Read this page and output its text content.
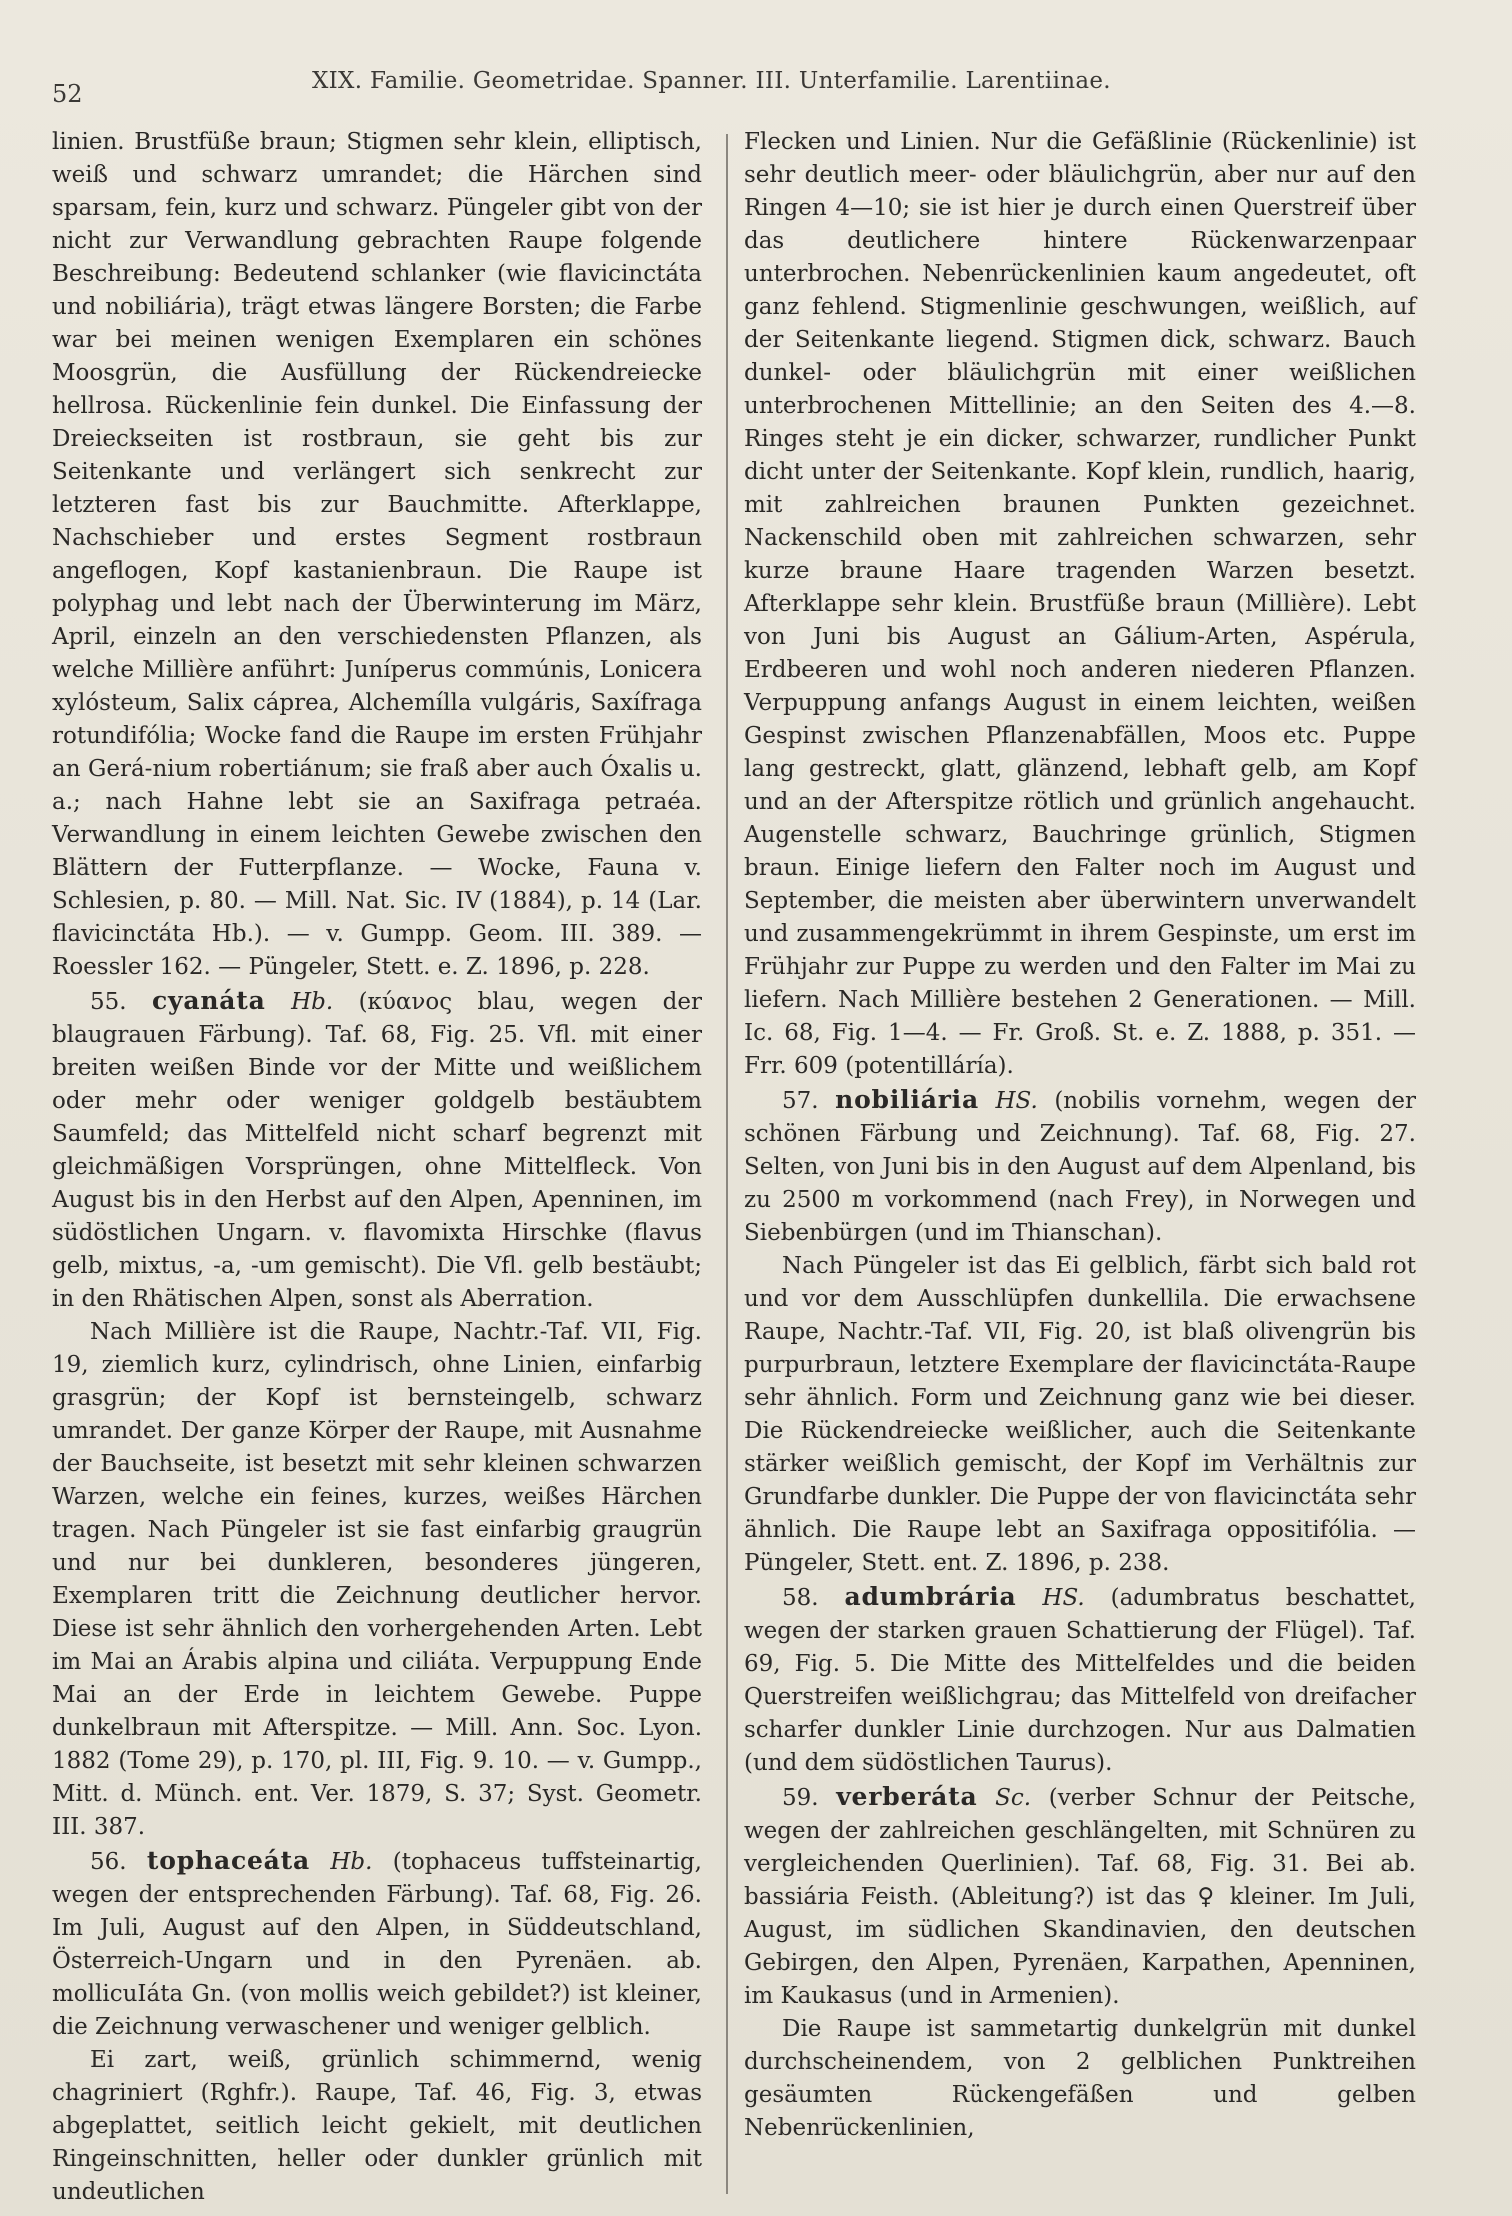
52	XIX. Familie. Geometridae. Spanner. III. Unterfamilie. Larentiinae.

linien. Brustfüße braun; Stigmen sehr klein, elliptisch, weiß und schwarz umrandet; die Härchen sind sparsam, fein, kurz und schwarz. Püngeler gibt von der nicht zur Verwandlung gebrachten Raupe folgende Beschreibung: Bedeutend schlanker (wie flavicinctáta und nobiliária), trägt etwas längere Borsten; die Farbe war bei meinen wenigen Exemplaren ein schönes Moosgrün, die Ausfüllung der Rückendreiecke hellrosa. Rückenlinie fein dunkel. Die Einfassung der Dreieckseiten ist rostbraun, sie geht bis zur Seitenkante und verlängert sich senkrecht zur letzteren fast bis zur Bauchmitte. Afterklappe, Nachschieber und erstes Segment rostbraun angeflogen, Kopf kastanienbraun. Die Raupe ist polyphag und lebt nach der Überwinterung im März, April, einzeln an den verschiedensten Pflanzen, als welche Millière anführt: Juníperus commúnis, Lonicera xylósteum, Salix cáprea, Alchemílla vulgáris, Saxífraga rotundifólia; Wocke fand die Raupe im ersten Frühjahr an Gerá-nium robertiánum; sie fraß aber auch Óxalis u. a.; nach Hahne lebt sie an Saxifraga petraéa. Verwandlung in einem leichten Gewebe zwischen den Blättern der Futterpflanze. — Wocke, Fauna v. Schlesien, p. 80. — Mill. Nat. Sic. IV (1884), p. 14 (Lar. flavicinctáta Hb.). — v. Gumpp. Geom. III. 389. — Roessler 162. — Püngeler, Stett. e. Z. 1896, p. 228.

55. cyanáta Hb. (κύανος blau, wegen der blaugrauen Färbung). Taf. 68, Fig. 25. Vfl. mit einer breiten weißen Binde vor der Mitte und weißlichem oder mehr oder weniger goldgelb bestäubtem Saumfeld; das Mittelfeld nicht scharf begrenzt mit gleichmäßigen Vorsprüngen, ohne Mittelfleck. Von August bis in den Herbst auf den Alpen, Apenninen, im südöstlichen Ungarn. v. flavomixta Hirschke (flavus gelb, mixtus, -a, -um gemischt). Die Vfl. gelb bestäubt; in den Rhätischen Alpen, sonst als Aberration.

Nach Millière ist die Raupe, Nachtr.-Taf. VII, Fig. 19, ziemlich kurz, cylindrisch, ohne Linien, einfarbig grasgrün; der Kopf ist bernsteingelb, schwarz umrandet. Der ganze Körper der Raupe, mit Ausnahme der Bauchseite, ist besetzt mit sehr kleinen schwarzen Warzen, welche ein feines, kurzes, weißes Härchen tragen. Nach Püngeler ist sie fast einfarbig graugrün und nur bei dunkleren, besonderes jüngeren, Exemplaren tritt die Zeichnung deutlicher hervor. Diese ist sehr ähnlich den vorhergehenden Arten. Lebt im Mai an Árabis alpina und ciliáta. Verpuppung Ende Mai an der Erde in leichtem Gewebe. Puppe dunkelbraun mit Afterspitze. — Mill. Ann. Soc. Lyon. 1882 (Tome 29), p. 170, pl. III, Fig. 9. 10. — v. Gumpp., Mitt. d. Münch. ent. Ver. 1879, S. 37; Syst. Geometr. III. 387.

56. tophaceáta Hb. (tophaceus tuffsteinartig, wegen der entsprechenden Färbung). Taf. 68, Fig. 26. Im Juli, August auf den Alpen, in Süddeutschland, Österreich-Ungarn und in den Pyrenäen. ab. mollicuIáta Gn. (von mollis weich gebildet?) ist kleiner, die Zeichnung verwaschener und weniger gelblich.

Ei zart, weiß, grünlich schimmernd, wenig chagriniert (Rghfr.). Raupe, Taf. 46, Fig. 3, etwas abgeplattet, seitlich leicht gekielt, mit deutlichen Ringeinschnitten, heller oder dunkler grünlich mit undeutlichen

Flecken und Linien. Nur die Gefäßlinie (Rückenlinie) ist sehr deutlich meer- oder bläulichgrün, aber nur auf den Ringen 4—10; sie ist hier je durch einen Querstreif über das deutlichere hintere Rückenwarzenpaar unterbrochen. Nebenrückenlinien kaum angedeutet, oft ganz fehlend. Stigmenlinie geschwungen, weißlich, auf der Seitenkante liegend. Stigmen dick, schwarz. Bauch dunkel- oder bläulichgrün mit einer weißlichen unterbrochenen Mittellinie; an den Seiten des 4.—8. Ringes steht je ein dicker, schwarzer, rundlicher Punkt dicht unter der Seitenkante. Kopf klein, rundlich, haarig, mit zahlreichen braunen Punkten gezeichnet. Nackenschild oben mit zahlreichen schwarzen, sehr kurze braune Haare tragenden Warzen besetzt. Afterklappe sehr klein. Brustfüße braun (Millière). Lebt von Juni bis August an Gálium-Arten, Aspérula, Erdbeeren und wohl noch anderen niederen Pflanzen. Verpuppung anfangs August in einem leichten, weißen Gespinst zwischen Pflanzenabfällen, Moos etc. Puppe lang gestreckt, glatt, glänzend, lebhaft gelb, am Kopf und an der Afterspitze rötlich und grünlich angehaucht. Augenstelle schwarz, Bauchringe grünlich, Stigmen braun. Einige liefern den Falter noch im August und September, die meisten aber überwintern unverwandelt und zusammengekrümmt in ihrem Gespinste, um erst im Frühjahr zur Puppe zu werden und den Falter im Mai zu liefern. Nach Millière bestehen 2 Generationen. — Mill. Ic. 68, Fig. 1—4. — Fr. Groß. St. e. Z. 1888, p. 351. — Frr. 609 (potentilláría).

57. nobiliária HS. (nobilis vornehm, wegen der schönen Färbung und Zeichnung). Taf. 68, Fig. 27. Selten, von Juni bis in den August auf dem Alpenland, bis zu 2500 m vorkommend (nach Frey), in Norwegen und Siebenbürgen (und im Thianschan).

Nach Püngeler ist das Ei gelblich, färbt sich bald rot und vor dem Ausschlüpfen dunkellila. Die erwachsene Raupe, Nachtr.-Taf. VII, Fig. 20, ist blaß olivengrün bis purpurbraun, letztere Exemplare der flavicinctáta-Raupe sehr ähnlich. Form und Zeichnung ganz wie bei dieser. Die Rückendreiecke weißlicher, auch die Seitenkante stärker weißlich gemischt, der Kopf im Verhältnis zur Grundfarbe dunkler. Die Puppe der von flavicinctáta sehr ähnlich. Die Raupe lebt an Saxifraga oppositifólia. — Püngeler, Stett. ent. Z. 1896, p. 238.

58. adumbrária HS. (adumbratus beschattet, wegen der starken grauen Schattierung der Flügel). Taf. 69, Fig. 5. Die Mitte des Mittelfeldes und die beiden Querstreifen weißlichgrau; das Mittelfeld von dreifacher scharfer dunkler Linie durchzogen. Nur aus Dalmatien (und dem südöstlichen Taurus).

59. verberáta Sc. (verber Schnur der Peitsche, wegen der zahlreichen geschlängelten, mit Schnüren zu vergleichenden Querlinien). Taf. 68, Fig. 31. Bei ab. bassiária Feisth. (Ableitung?) ist das ♀ kleiner. Im Juli, August, im südlichen Skandinavien, den deutschen Gebirgen, den Alpen, Pyrenäen, Karpathen, Apenninen, im Kaukasus (und in Armenien).

Die Raupe ist sammetartig dunkelgrün mit dunkel durchscheinendem, von 2 gelblichen Punktreihen gesäumten Rückengefäßen und gelben Nebenrückenlinien,
